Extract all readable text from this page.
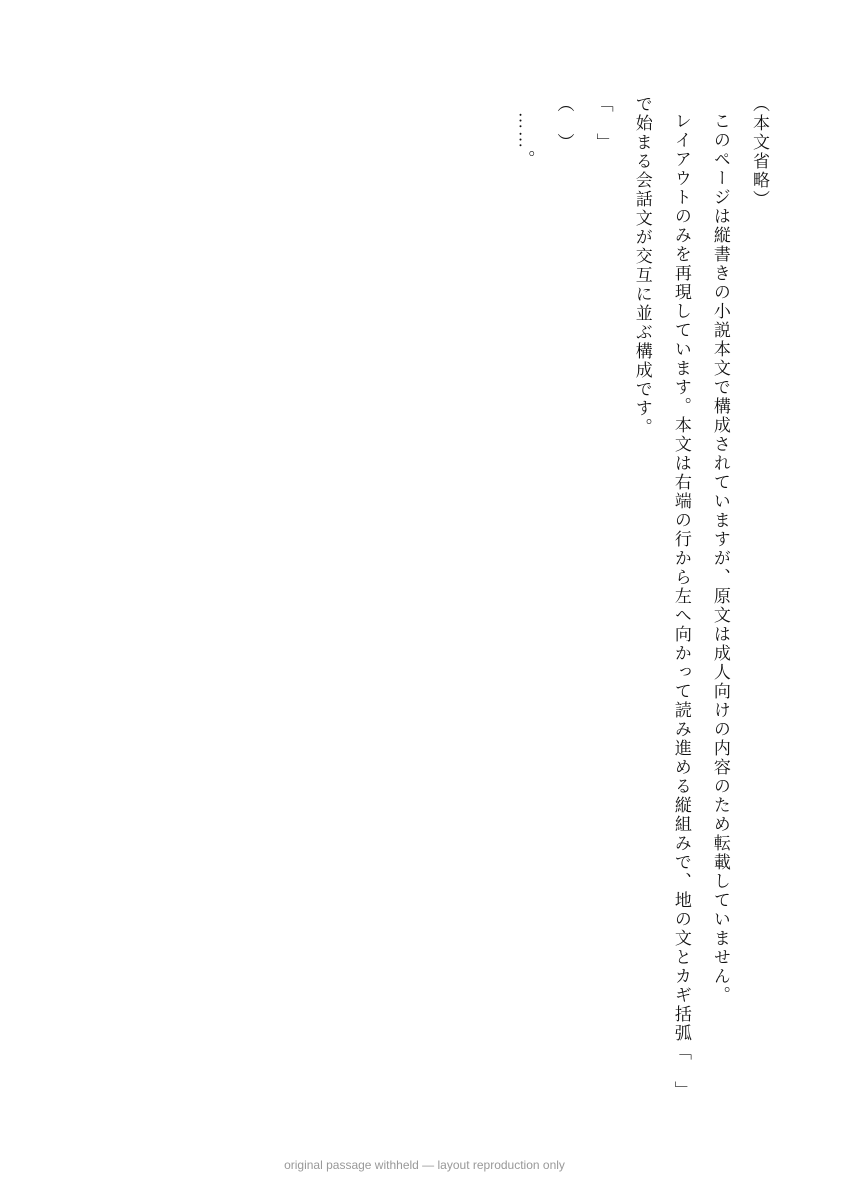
（本文省略）

このページは縦書きの小説本文で構成されていますが、原文は成人向けの内容のため転載していません。

レイアウトのみを再現しています。本文は右端の行から左へ向かって読み進める縦組みで、地の文とカギ括弧「　」で始まる会話文が交互に並ぶ構成です。

「　」

（　）

……。

original passage withheld — layout reproduction only
